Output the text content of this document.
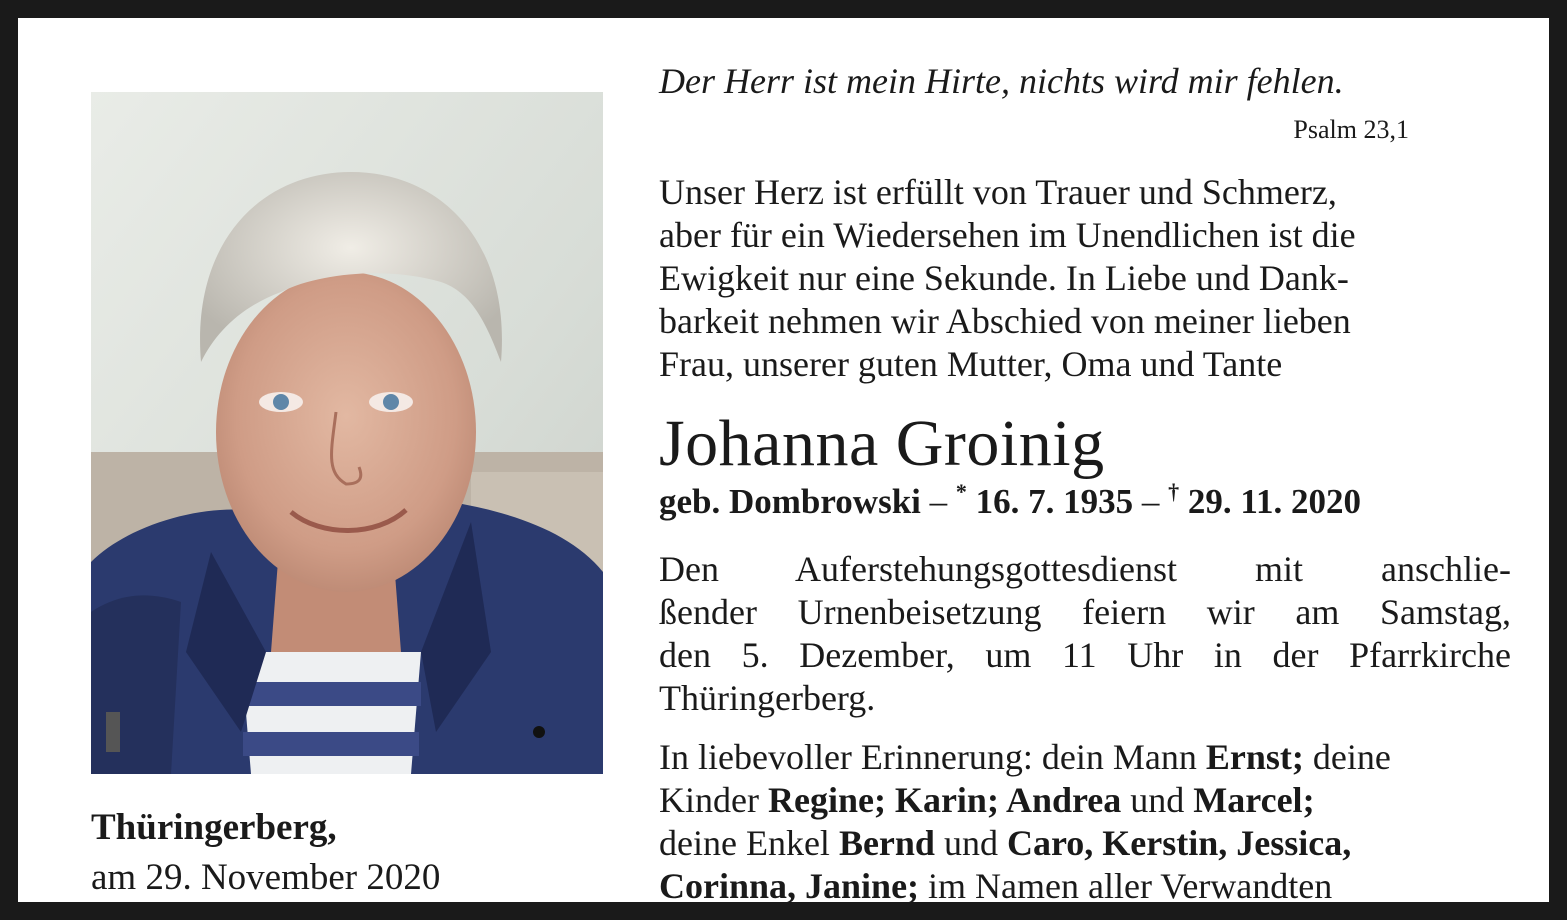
Der Herr ist mein Hirte, nichts wird mir fehlen.
Psalm 23,1
Unser Herz ist erfüllt von Trauer und Schmerz,
aber für ein Wiedersehen im Unendlichen ist die
Ewigkeit nur eine Sekunde. In Liebe und Dank-
barkeit nehmen wir Abschied von meiner lieben
Frau, unserer guten Mutter, Oma und Tante
Johanna Groinig
geb. Dombrowski – * 16. 7. 1935 – † 29. 11. 2020
Den Auferstehungsgottesdienst mit anschlie-
ßender Urnenbeisetzung feiern wir am Samstag,
den 5. Dezember, um 11 Uhr in der Pfarrkirche
Thüringerberg.
In liebevoller Erinnerung: dein Mann Ernst; deine
Kinder Regine; Karin; Andrea und Marcel;
deine Enkel Bernd und Caro, Kerstin, Jessica,
Corinna, Janine; im Namen aller Verwandten
Thüringerberg,
am 29. November 2020
